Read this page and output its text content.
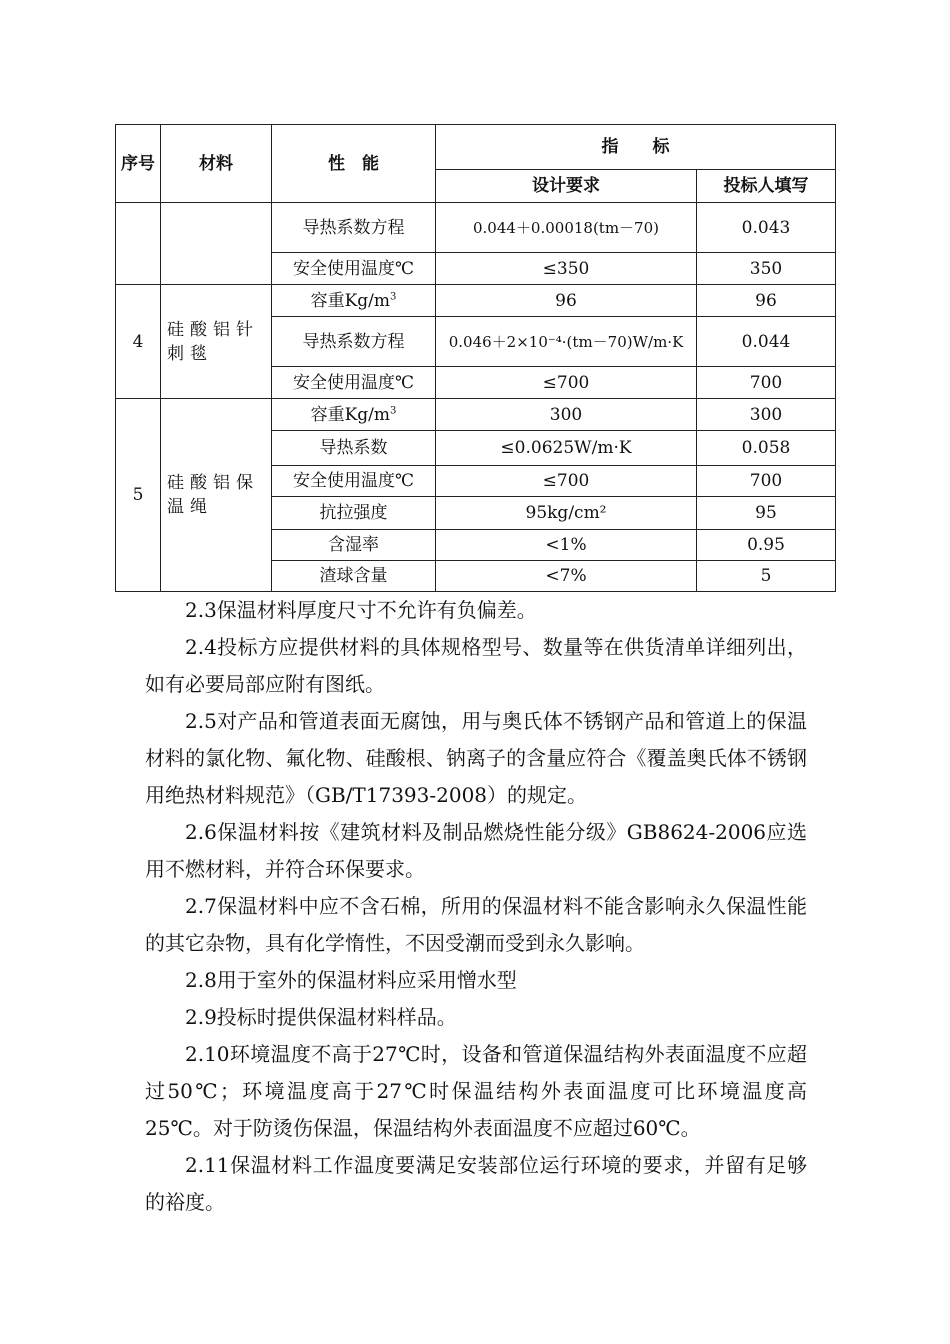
序号	材料	性　能	指　　标	
			设计要求	投标人填写
		导热系数方程	0.044＋0.00018(tm－70)	0.043
		安全使用温度℃	≤350	350
4	硅酸铝针刺毯	容重$Kg/m^3$	96	96
		导热系数方程	0.046＋2×10⁻⁴·(tm－70)W/m·K	0.044
		安全使用温度℃	≤700	700
5	硅酸铝保温绳	容重$Kg/m^3$	300	300
		导热系数	≤0.0625W/m·K	0.058
		安全使用温度℃	≤700	700
		抗拉强度	95kg/cm²	95
		含湿率	<1%	0.95
		渣球含量	<7%	5

2.3保温材料厚度尺寸不允许有负偏差。

2.4投标方应提供材料的具体规格型号、数量等在供货清单详细列出，如有必要局部应附有图纸。

2.5对产品和管道表面无腐蚀，用与奥氏体不锈钢产品和管道上的保温材料的氯化物、氟化物、硅酸根、钠离子的含量应符合《覆盖奥氏体不锈钢用绝热材料规范》（GB/T17393-2008）的规定。

2.6保温材料按《建筑材料及制品燃烧性能分级》GB8624-2006应选用不燃材料，并符合环保要求。

2.7保温材料中应不含石棉，所用的保温材料不能含影响永久保温性能的其它杂物，具有化学惰性，不因受潮而受到永久影响。

2.8用于室外的保温材料应采用憎水型

2.9投标时提供保温材料样品。

2.10环境温度不高于27℃时，设备和管道保温结构外表面温度不应超过50℃；环境温度高于27℃时保温结构外表面温度可比环境温度高25℃。对于防烫伤保温，保温结构外表面温度不应超过60℃。

2.11保温材料工作温度要满足安装部位运行环境的要求，并留有足够的裕度。
